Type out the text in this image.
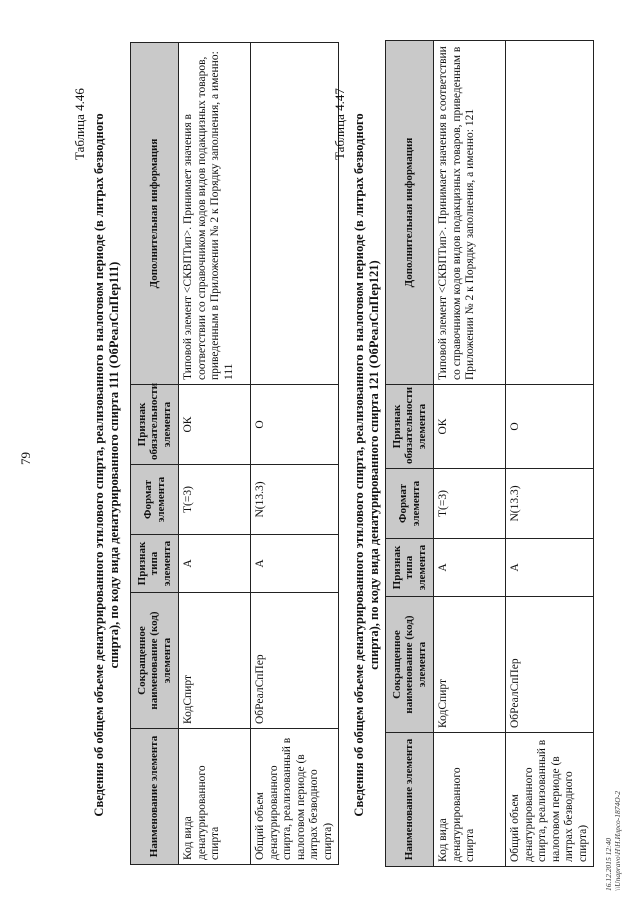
79
Таблица 4.46 Сведения об общем объеме денатурированного этилового спирта, реализованного в налоговом периоде (в литрах безводного спирта), по коду вида денатурированного спирта 111 (ОбРеалСпПер111)
Наименование элемента	Сокращенное наименование (код) элемента	Признак типа элемента	Формат элемента	Признак обязательности элемента	Дополнительная информация
Код вида денатурированного спирта	КодСпирт	А	Т(=3)	ОК	Типовой элемент <СКВПТип>. Принимает значения в соответствии со справочником кодов видов подакцизных товаров, приведенным в Приложении № 2 к Порядку заполнения, а именно: 111
Общий объем денатурированного спирта, реализованный в налоговом периоде (в литрах безводного спирта)	ОбРеалСпПер	А	N(13.3)	О	
Таблица 4.47 Сведения об общем объеме денатурированного этилового спирта, реализованного в налоговом периоде (в литрах безводного спирта), по коду вида денатурированного спирта 121 (ОбРеалСпПер121)
Наименование элемента	Сокращенное наименование (код) элемента	Признак типа элемента	Формат элемента	Признак обязательности элемента	Дополнительная информация
Код вида денатурированного спирта	КодСпирт	А	Т(=3)	ОК	Типовой элемент <СКВПТип>. Принимает значения в соответствии со справочником кодов видов подакцизных товаров, приведенным в Приложении № 2 к Порядку заполнения, а именно: 121
Общий объем денатурированного спирта, реализованный в налоговом периоде (в литрах безводного спирта)	ОбРеалСпПер	А	N(13.3)	О	
16.12.2015 12:40 \\Unapravo\H\Н.Илрсо-1874О-2
